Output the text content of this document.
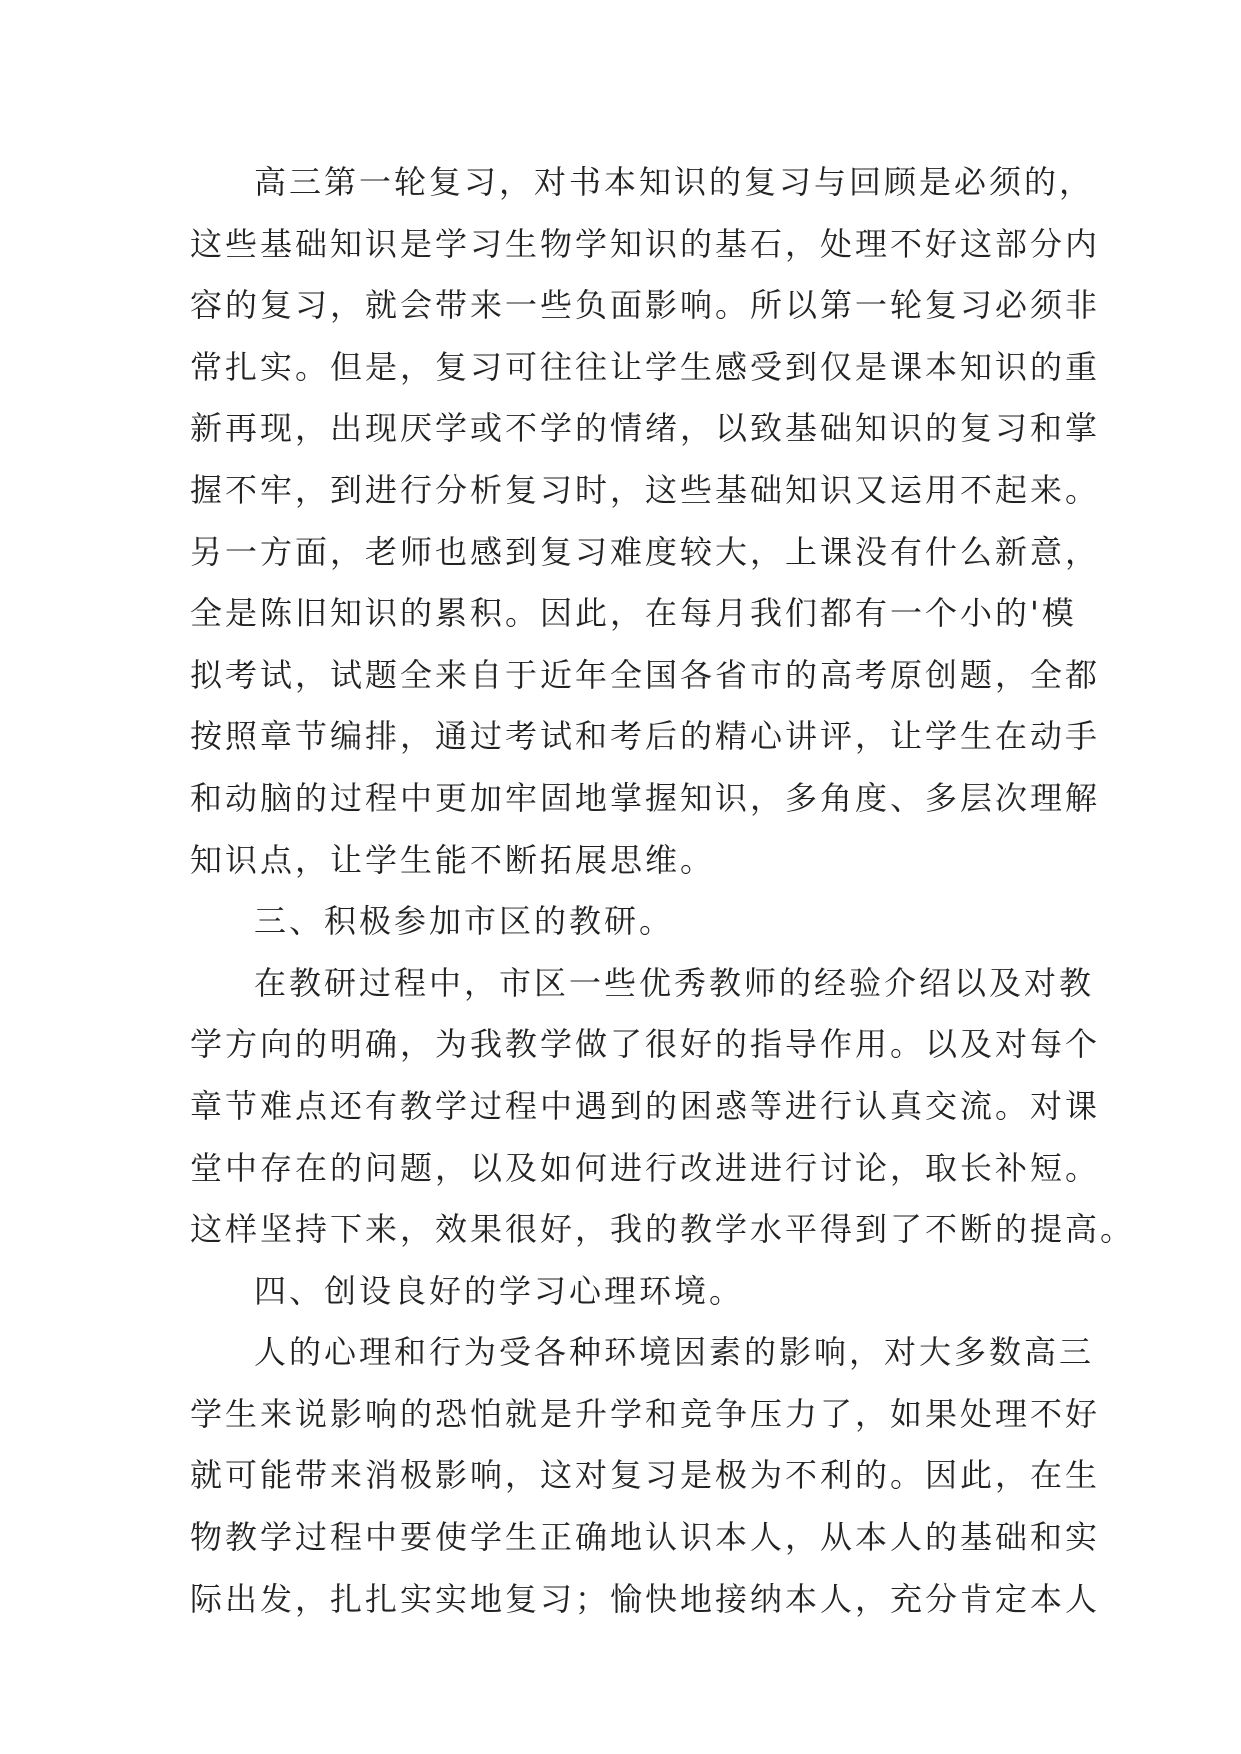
高三第一轮复习，对书本知识的复习与回顾是必须的，
这些基础知识是学习生物学知识的基石，处理不好这部分内
容的复习，就会带来一些负面影响。所以第一轮复习必须非
常扎实。但是，复习可往往让学生感受到仅是课本知识的重
新再现，出现厌学或不学的情绪，以致基础知识的复习和掌
握不牢，到进行分析复习时，这些基础知识又运用不起来。
另一方面，老师也感到复习难度较大，上课没有什么新意，
全是陈旧知识的累积。因此，在每月我们都有一个小的'模
拟考试，试题全来自于近年全国各省市的高考原创题，全都
按照章节编排，通过考试和考后的精心讲评，让学生在动手
和动脑的过程中更加牢固地掌握知识，多角度、多层次理解
知识点，让学生能不断拓展思维。
三、积极参加市区的教研。
在教研过程中，市区一些优秀教师的经验介绍以及对教
学方向的明确，为我教学做了很好的指导作用。以及对每个
章节难点还有教学过程中遇到的困惑等进行认真交流。对课
堂中存在的问题，以及如何进行改进进行讨论，取长补短。
这样坚持下来，效果很好，我的教学水平得到了不断的提高。
四、创设良好的学习心理环境。
人的心理和行为受各种环境因素的影响，对大多数高三
学生来说影响的恐怕就是升学和竞争压力了，如果处理不好
就可能带来消极影响，这对复习是极为不利的。因此，在生
物教学过程中要使学生正确地认识本人，从本人的基础和实
际出发，扎扎实实地复习；愉快地接纳本人，充分肯定本人
